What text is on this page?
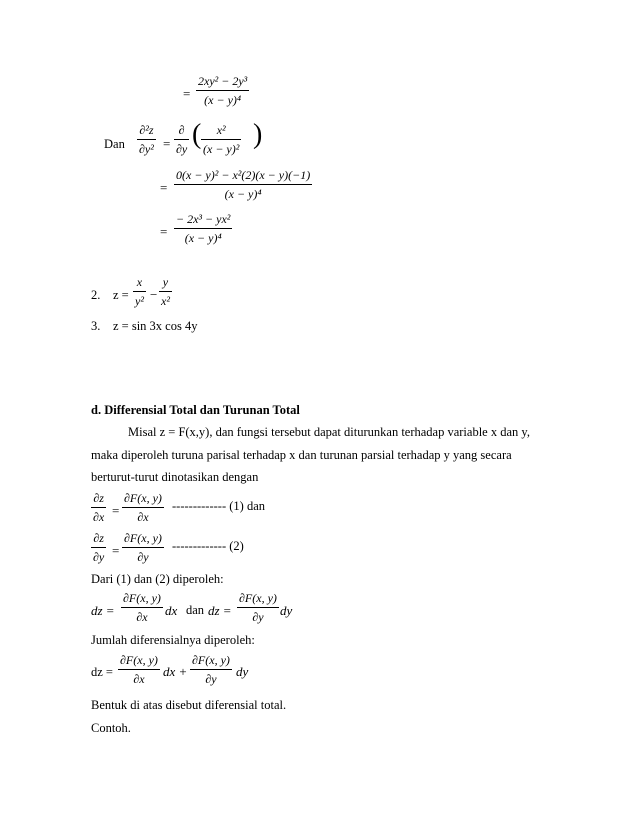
=
2xy² − 2y³
(x − y)⁴
Dan
∂²z
∂y² =
∂
∂y (	x²
(x − y)² )
=
0(x − y)² − x²(2)(x − y)(−1)
(x − y)⁴
=
− 2x³ − yx²
(x − y)⁴
2. z =
x
y² −
y
x²
3. z = sin 3x cos 4y
d. Differensial Total dan Turunan Total
Misal z = F(x,y), dan fungsi tersebut dapat diturunkan terhadap variable x dan y,
maka diperoleh turuna parisal terhadap x dan turunan parsial terhadap y yang secara
berturut-turut dinotasikan dengan
∂z
∂x =
∂F(x, y)
∂x
------------- (1) dan
∂z
∂y =
∂F(x, y)
∂y
------------- (2)
Dari (1) dan (2) diperoleh:
dz =
∂F(x, y)
∂x	dx dan dz =
∂F(x, y)
∂y	dy
Jumlah diferensialnya diperoleh:
dz =
∂F(x, y)
∂x	dx +
∂F(x, y)
∂y	dy
Bentuk di atas disebut diferensial total.
Contoh.
